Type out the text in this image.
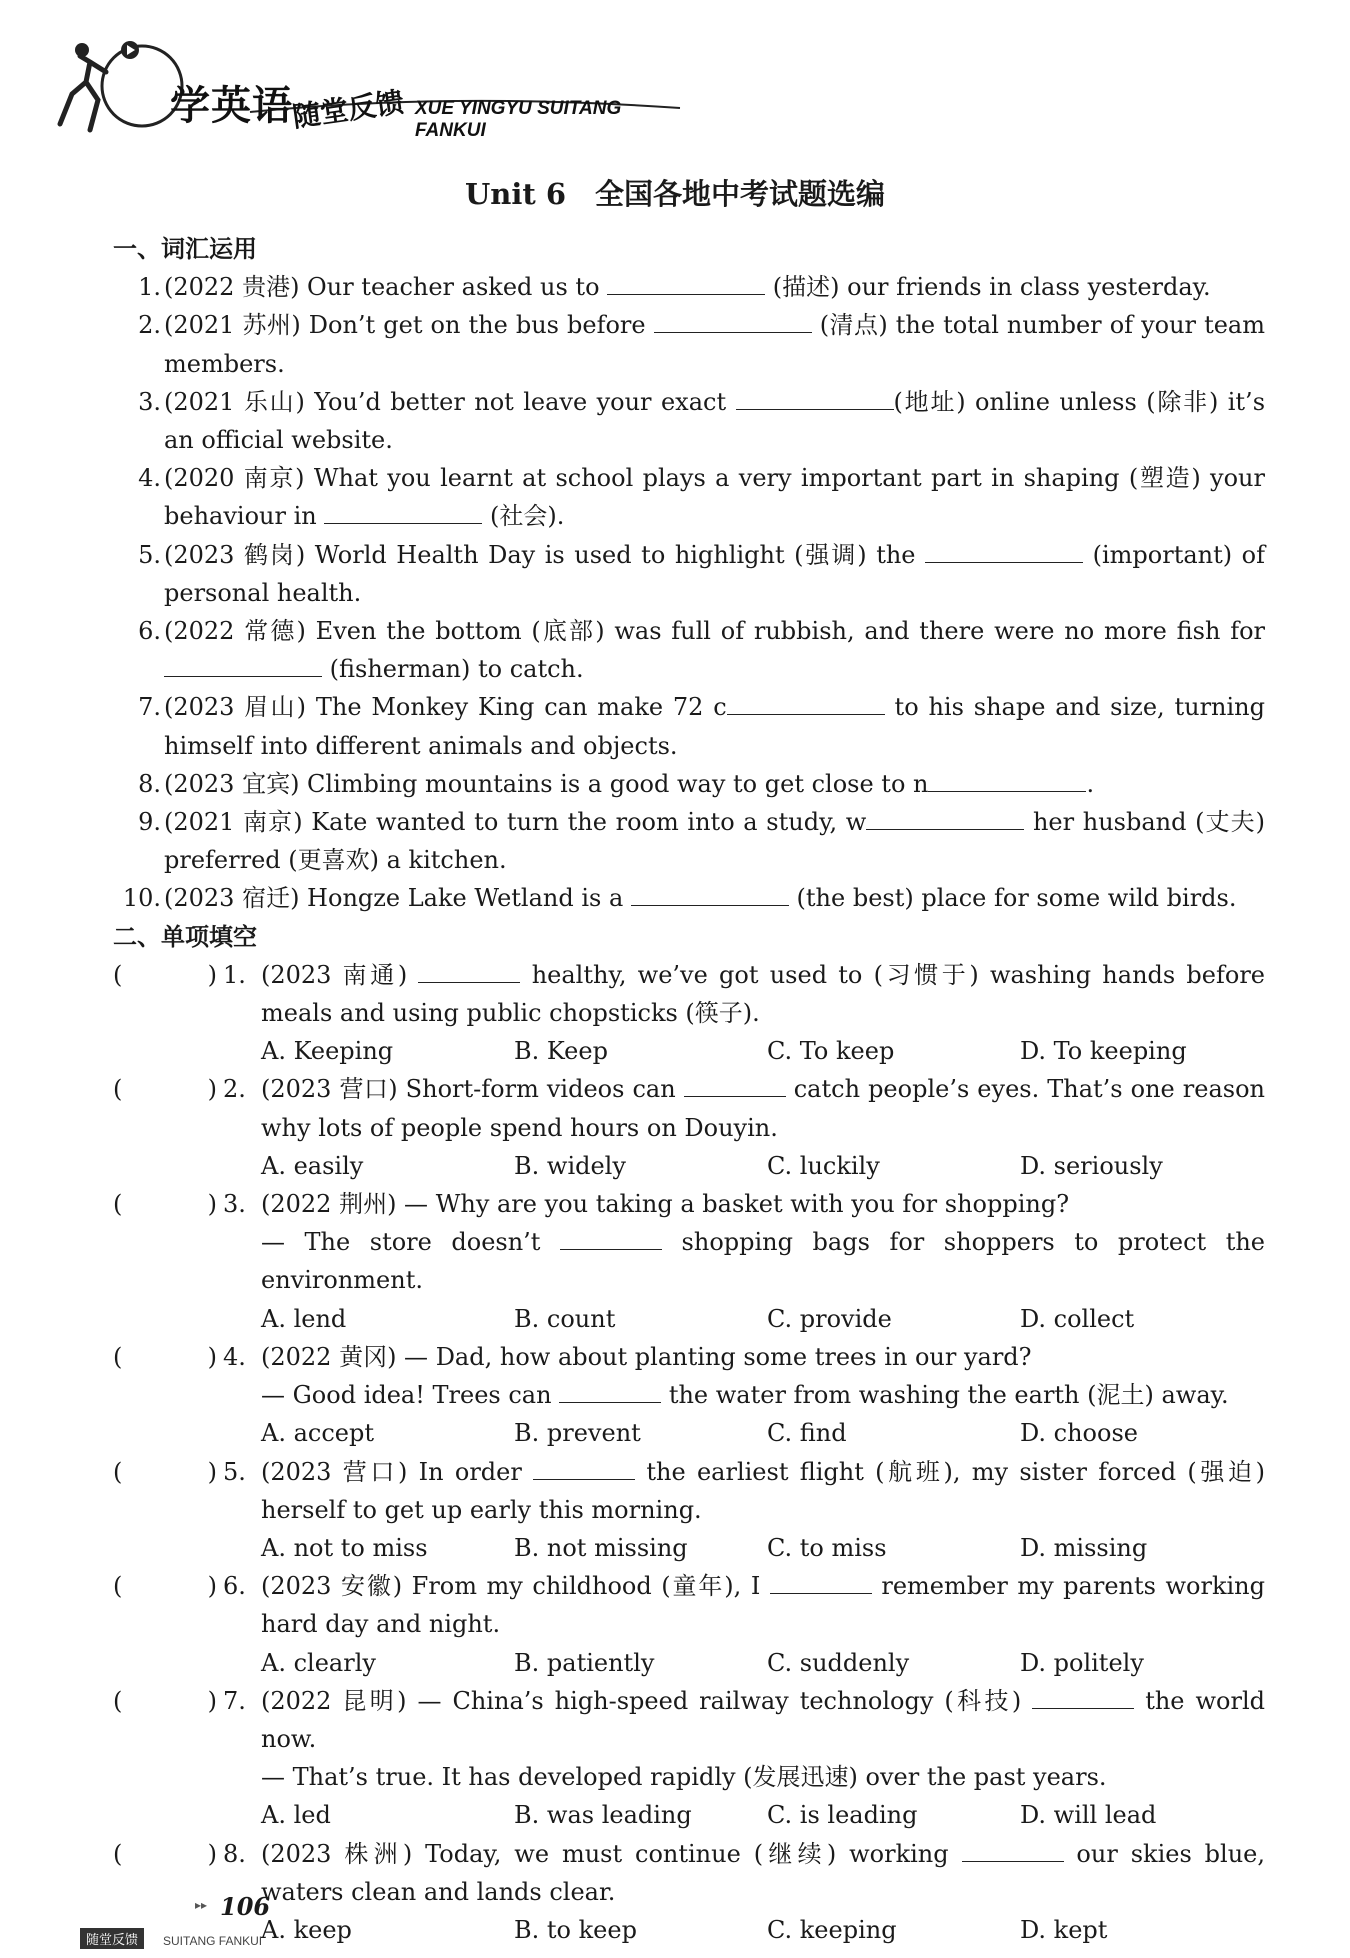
学英语
随堂反馈 XUE YINGYU SUITANG FANKUI
Unit 6　全国各地中考试题选编
一、词汇运用
1. (2022 贵港) Our teacher asked us to	(描述) our friends in class yesterday.
2. (2021 苏州) Don’t get on the bus before	(清点) the total number of your team members.
3. (2021 乐山) You’d better not leave your exact	(地址) online unless (除非) it’s an official website.
4. (2020 南京) What you learnt at school plays a very important part in shaping (塑造) your behaviour in	(社会).
5. (2023 鹤岗) World Health Day is used to highlight (强调) the	(important) of personal health.
6. (2022 常德) Even the bottom (底部) was full of rubbish, and there were no more fish for  (fisherman) to catch.
7. (2023 眉山) The Monkey King can make 72 c	to his shape and size, turning himself into different animals and objects.
8. (2023 宜宾) Climbing mountains is a good way to get close to n	.
9. (2021 南京) Kate wanted to turn the room into a study, w	her husband (丈夫) preferred (更喜欢) a kitchen.
10. (2023 宿迁) Hongze Lake Wetland is a	(the best) place for some wild birds.
二、单项填空
(	) 1. (2023 南通)	healthy, we’ve got used to (习惯于) washing hands before meals and using public chopsticks (筷子).
A. Keeping	B. Keep	C. To keep	D. To keeping
(	) 2. (2023 营口) Short-form videos can	catch people’s eyes. That’s one reason why lots of people spend hours on Douyin.
A. easily	B. widely	C. luckily	D. seriously
(	) 3. (2022 荆州) — Why are you taking a basket with you for shopping?
— The store doesn’t	shopping bags for shoppers to protect the environment.
A. lend	B. count	C. provide	D. collect
(	) 4. (2022 黄冈) — Dad, how about planting some trees in our yard?
— Good idea! Trees can	the water from washing the earth (泥土) away.
A. accept	B. prevent	C. find	D. choose
(	) 5. (2023 营口) In order	the earliest flight (航班), my sister forced (强迫) herself to get up early this morning.
A. not to miss	B. not missing	C. to miss	D. missing
(	) 6. (2023 安徽) From my childhood (童年), I	remember my parents working hard day and night.
A. clearly	B. patiently	C. suddenly	D. politely
(	) 7. (2022 昆明) — China’s high-speed railway technology (科技)	the world now.
— That’s true. It has developed rapidly (发展迅速) over the past years.
A. led	B. was leading	C. is leading	D. will lead
(	) 8. (2023 株洲) Today, we must continue (继续) working	our skies blue, waters clean and lands clear.
A. keep	B. to keep	C. keeping	D. kept
▸▸ 106
随堂反馈	SUITANG FANKUI
